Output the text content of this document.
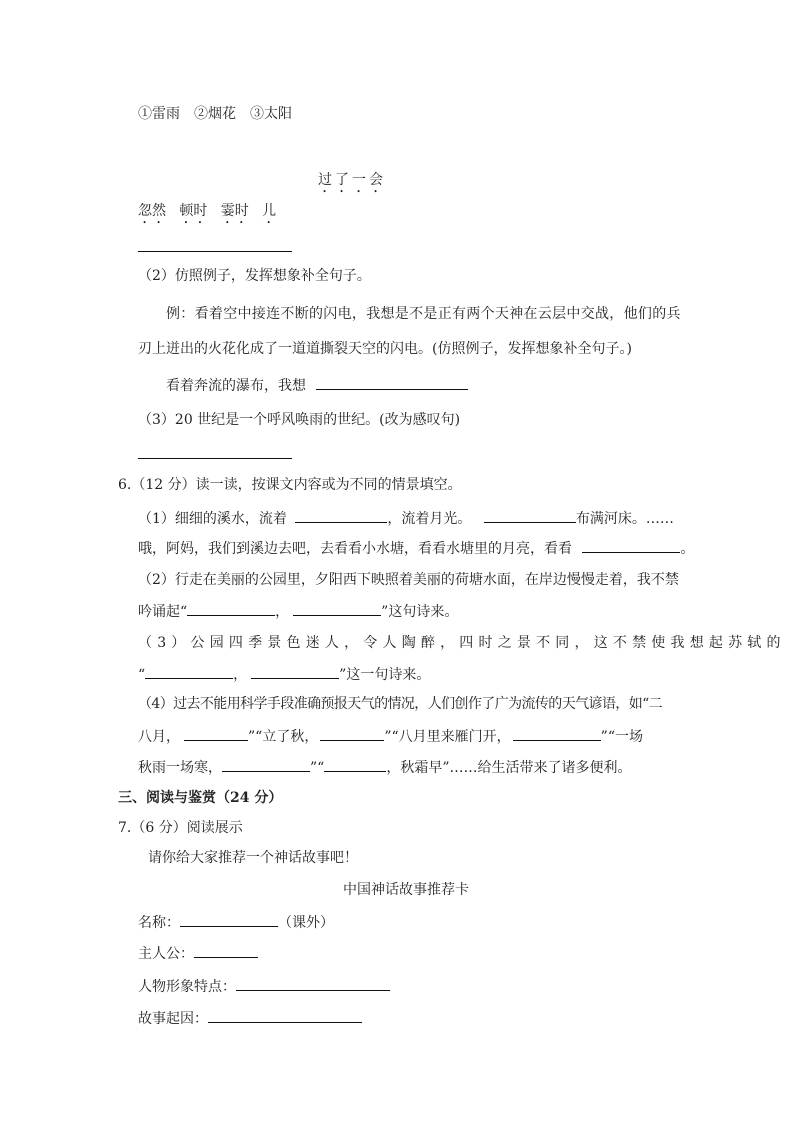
①雷雨　②烟花　③太阳
过了一会
忽然 顿时 霎时 儿
（2）仿照例子，发挥想象补全句子。
例：看着空中接连不断的闪电，我想是不是正有两个天神在云层中交战，他们的兵
刃上迸出的火花化成了一道道撕裂天空的闪电。(仿照例子，发挥想象补全句子。)
看着奔流的瀑布，我想
（3）20 世纪是一个呼风唤雨的世纪。(改为感叹句)
6.（12 分）读一读，按课文内容或为不同的情景填空。
（1）细细的溪水，流着	，流着月光。	布满河床。……
哦，阿妈，我们到溪边去吧，去看看小水塘，看看水塘里的月亮，看看	。
（2）行走在美丽的公园里，夕阳西下映照着美丽的荷塘水面，在岸边慢慢走着，我不禁
吟诵起“	，	”这句诗来。
（3）公园四季景色迷人，令人陶醉，四时之景不同，这不禁使我想起苏轼的
“	，	”这一句诗来。
（4）过去不能用科学手段准确预报天气的情况，人们创作了广为流传的天气谚语，如“二
八月，	”“立了秋，	”“八月里来雁门开，	”“一场
秋雨一场寒，	”“	，秋霜早”……给生活带来了诸多便利。
三、阅读与鉴赏（24 分）
7.（6 分）阅读展示
请你给大家推荐一个神话故事吧！
中国神话故事推荐卡
名称：	（课外）
主人公：
人物形象特点：
故事起因：
